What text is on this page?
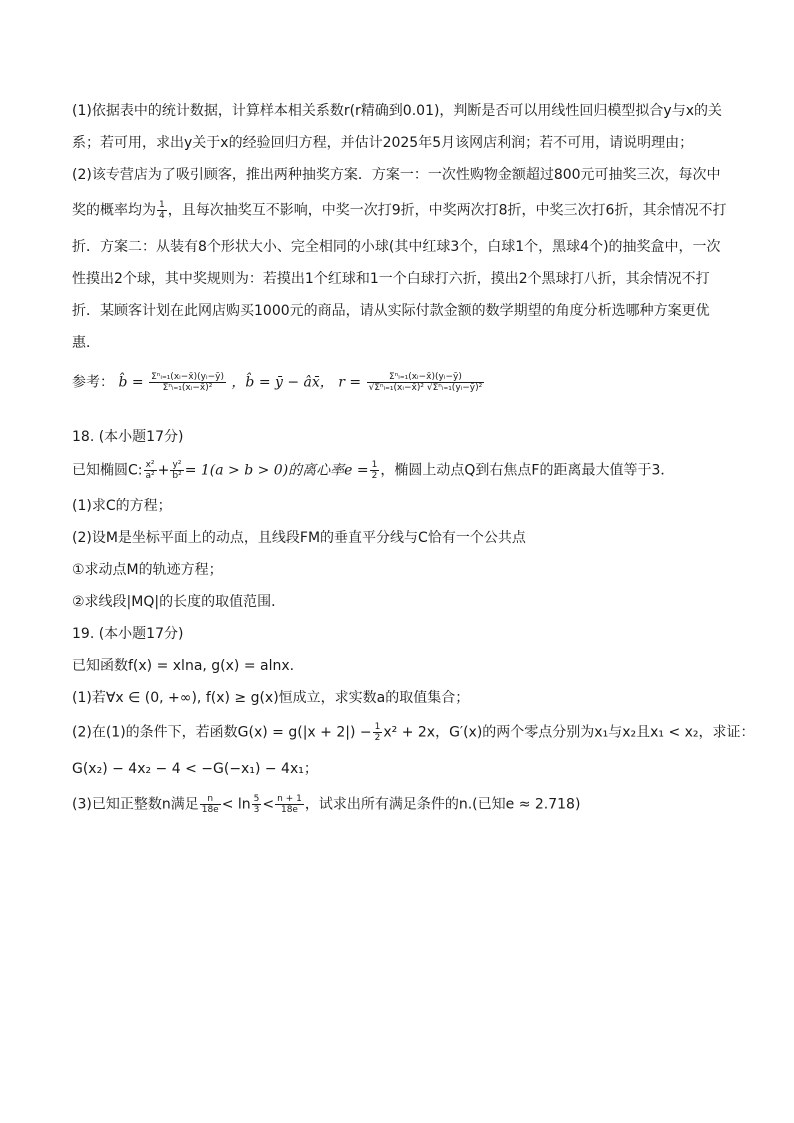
(1)依据表中的统计数据，计算样本相关系数r(r精确到0.01)，判断是否可以用线性回归模型拟合y与x的关
系；若可用，求出y关于x的经验回归方程，并估计2025年5月该网店利润；若不可用，请说明理由；
(2)该专营店为了吸引顾客，推出两种抽奖方案．方案一：一次性购物金额超过800元可抽奖三次，每次中
奖的概率均为 $\frac{1}{4}$ ，且每次抽奖互不影响，中奖一次打9折，中奖两次打8折，中奖三次打6折，其余情况不打
折．方案二：从装有8个形状大小、完全相同的小球(其中红球3个，白球1个，黑球4个)的抽奖盒中，一次
性摸出2个球，其中奖规则为：若摸出1个红球和1一个白球打六折，摸出2个黑球打八折，其余情况不打
折．某顾客计划在此网店购买1000元的商品，请从实际付款金额的数学期望的角度分析选哪种方案更优
惠．
参考： b̂ = $\frac{\text{Σⁿᵢ₌₁(xᵢ−x̄)(yᵢ−ȳ)}}{\text{Σⁿᵢ₌₁(xᵢ−x̄)²}}$ ，b̂ = ȳ − âx̄， $r = \frac{\text{Σⁿᵢ₌₁(xᵢ−x̄)(yᵢ−ȳ)}}{\text{√Σⁿᵢ₌₁(xᵢ−x̄)² √Σⁿᵢ₌₁(yᵢ−ȳ)²}}$
18. (本小题17分)
已知椭圆C: $\frac{\text{x²}}{\text{a²}} + \frac{\text{y²}}{\text{b²}} = 1(a > b > 0)$的离心率$e = \frac{1}{2}$ ，椭圆上动点Q到右焦点F的距离最大值等于3．
(1)求C的方程；
(2)设M是坐标平面上的动点，且线段FM的垂直平分线与C恰有一个公共点
①求动点M的轨迹方程；
②求线段|MQ|的长度的取值范围．
19. (本小题17分)
已知函数f(x) = xlna, g(x) = alnx.
(1)若∀x ∈ (0, +∞), f(x) ≥ g(x)恒成立，求实数a的取值集合；
(2)在(1)的条件下，若函数$G(x) = g(|x + 2|) - \frac{1}{2} x^2 + 2x$，G′(x)的两个零点分别为x₁与x₂且x₁ < x₂，求证：
G(x₂) − 4x₂ − 4 < −G(−x₁) − 4x₁；
(3)已知正整数n满足 $\frac{n}{18e} < \ln \frac{5}{3} < \frac{n + 1}{18e}$ ，试求出所有满足条件的n.(已知e ≈ 2.718)
